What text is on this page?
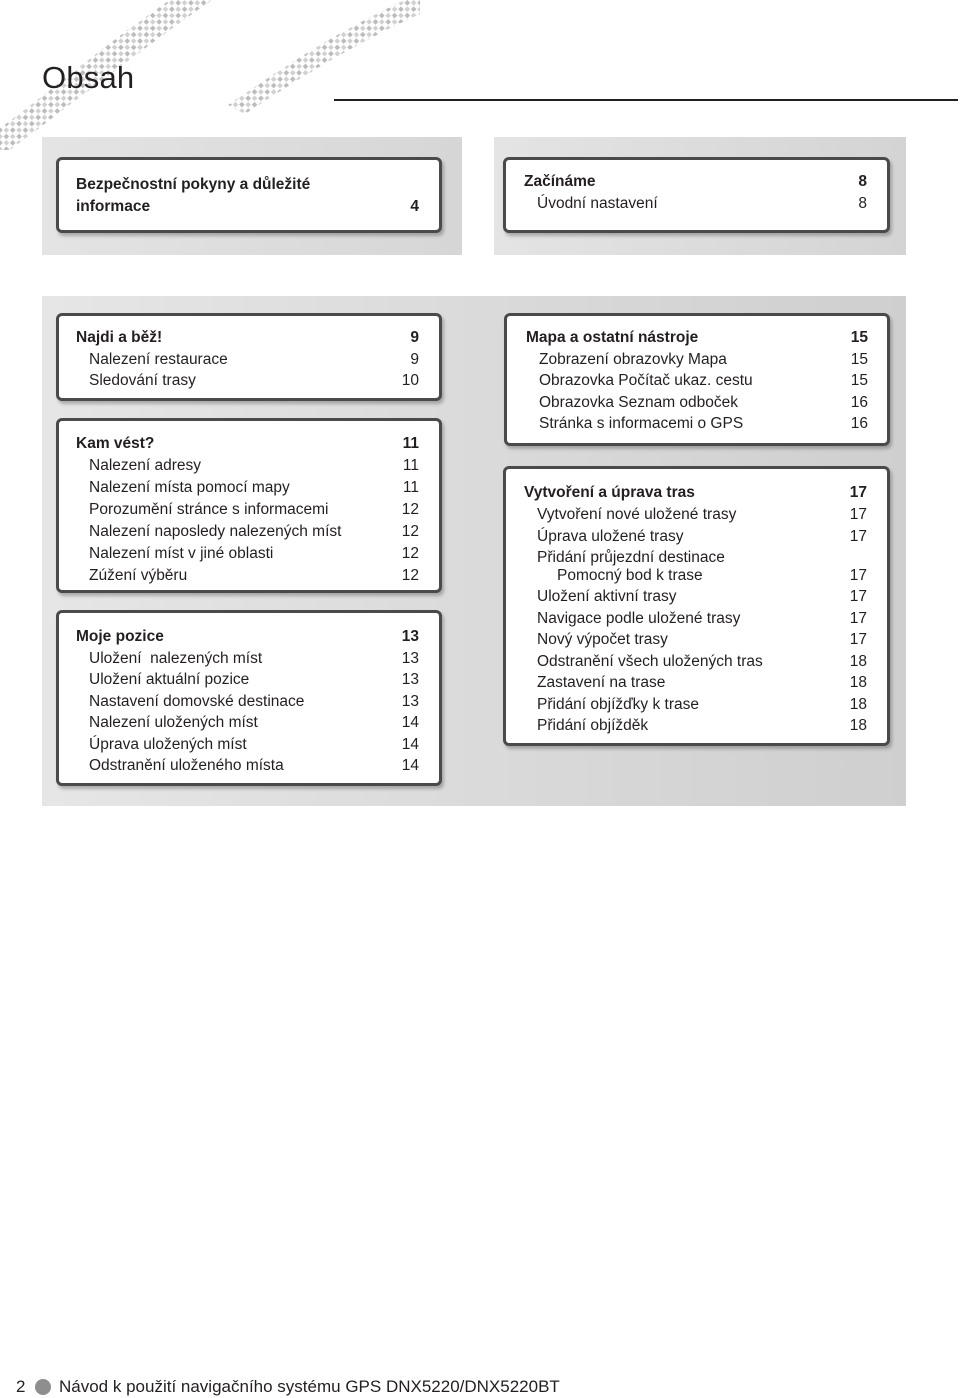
Obsah
Bezpečnostní pokyny a důležité
informace	4
Začínáme	8
Úvodní nastavení	8
Najdi a běž!	9
Nalezení restaurace	9
Sledování trasy	10
Kam vést?	11
Nalezení adresy	11
Nalezení místa pomocí mapy	11
Porozumění stránce s informacemi	12
Nalezení naposledy nalezených míst	12
Nalezení míst v jiné oblasti	12
Zúžení výběru	12
Moje pozice	13
Uložení  nalezených míst	13
Uložení aktuální pozice	13
Nastavení domovské destinace	13
Nalezení uložených míst	14
Úprava uložených míst	14
Odstranění uloženého místa	14
Mapa a ostatní nástroje	15
Zobrazení obrazovky Mapa	15
Obrazovka Počítač ukaz. cestu	15
Obrazovka Seznam odboček	16
Stránka s informacemi o GPS	16
Vytvoření a úprava tras	17
Vytvoření nové uložené trasy	17
Úprava uložené trasy	17
Přidání průjezdní destinace
Pomocný bod k trase	17
Uložení aktivní trasy	17
Navigace podle uložené trasy	17
Nový výpočet trasy	17
Odstranění všech uložených tras	18
Zastavení na trase	18
Přidání objížďky k trase	18
Přidání objížděk	18
2 Návod k použití navigačního systému GPS DNX5220/DNX5220BT
